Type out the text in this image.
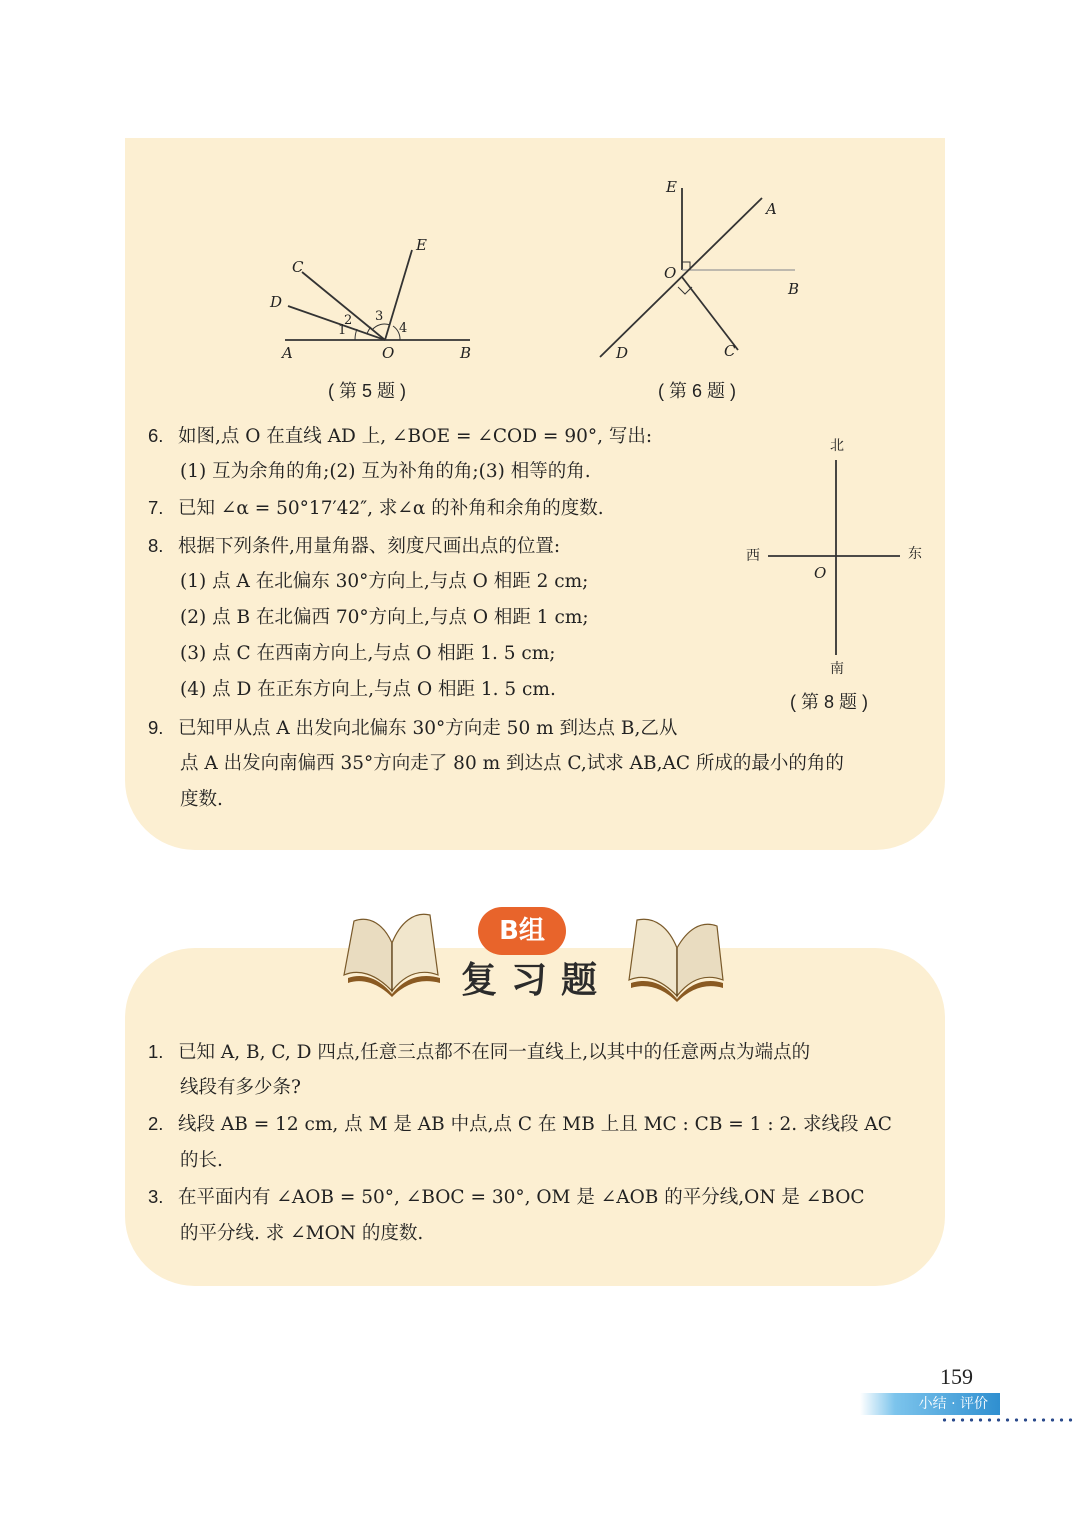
A	O	B
C
D
E
1
2 3
4
( 第 5 题 )
E
A
O
B
D	C
( 第 6 题 )
北
南
西	东
O
( 第 8 题 )
6. 如图,点 O 在直线 AD 上, ∠BOE = ∠COD = 90°, 写出:
(1) 互为余角的角;(2) 互为补角的角;(3) 相等的角.
7. 已知 ∠α = 50°17′42″, 求∠α 的补角和余角的度数.
8. 根据下列条件,用量角器、刻度尺画出点的位置:
(1) 点 A 在北偏东 30°方向上,与点 O 相距 2 cm;
(2) 点 B 在北偏西 70°方向上,与点 O 相距 1 cm;
(3) 点 C 在西南方向上,与点 O 相距 1. 5 cm;
(4) 点 D 在正东方向上,与点 O 相距 1. 5 cm.
9. 已知甲从点 A 出发向北偏东 30°方向走 50 m 到达点 B,乙从
点 A 出发向南偏西 35°方向走了 80 m 到达点 C,试求 AB,AC 所成的最小的角的
度数.
B组
复习题
1. 已知 A, B, C, D 四点,任意三点都不在同一直线上,以其中的任意两点为端点的
线段有多少条?
2. 线段 AB = 12 cm, 点 M 是 AB 中点,点 C 在 MB 上且 MC : CB = 1 : 2. 求线段 AC
的长.
3. 在平面内有 ∠AOB = 50°, ∠BOC = 30°, OM 是 ∠AOB 的平分线,ON 是 ∠BOC
的平分线. 求 ∠MON 的度数.
159
小结 · 评价
